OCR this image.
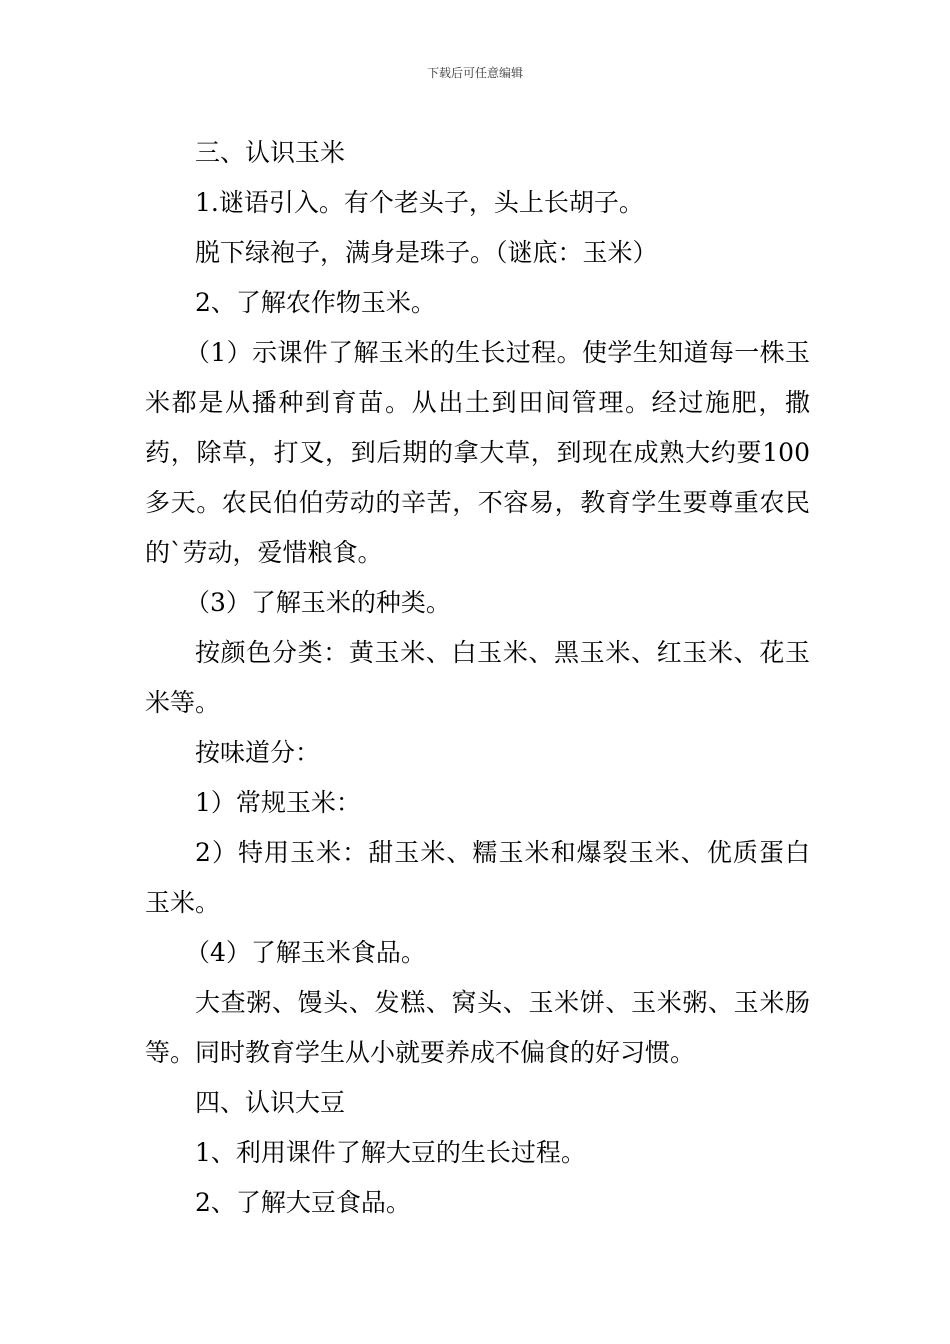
下载后可任意编辑

三、认识玉米

1.谜语引入。有个老头子，头上长胡子。

脱下绿袍子，满身是珠子。（谜底：玉米）

2、了解农作物玉米。

（1）示课件了解玉米的生长过程。使学生知道每一株玉米都是从播种到育苗。从出土到田间管理。经过施肥，撒药，除草，打叉，到后期的拿大草，到现在成熟大约要100多天。农民伯伯劳动的辛苦，不容易，教育学生要尊重农民的`劳动，爱惜粮食。

（3）了解玉米的种类。

按颜色分类：黄玉米、白玉米、黑玉米、红玉米、花玉米等。

按味道分：

1）常规玉米：

2）特用玉米：甜玉米、糯玉米和爆裂玉米、优质蛋白玉米。

（4）了解玉米食品。

大查粥、馒头、发糕、窝头、玉米饼、玉米粥、玉米肠等。同时教育学生从小就要养成不偏食的好习惯。

四、认识大豆

1、利用课件了解大豆的生长过程。

2、了解大豆食品。
